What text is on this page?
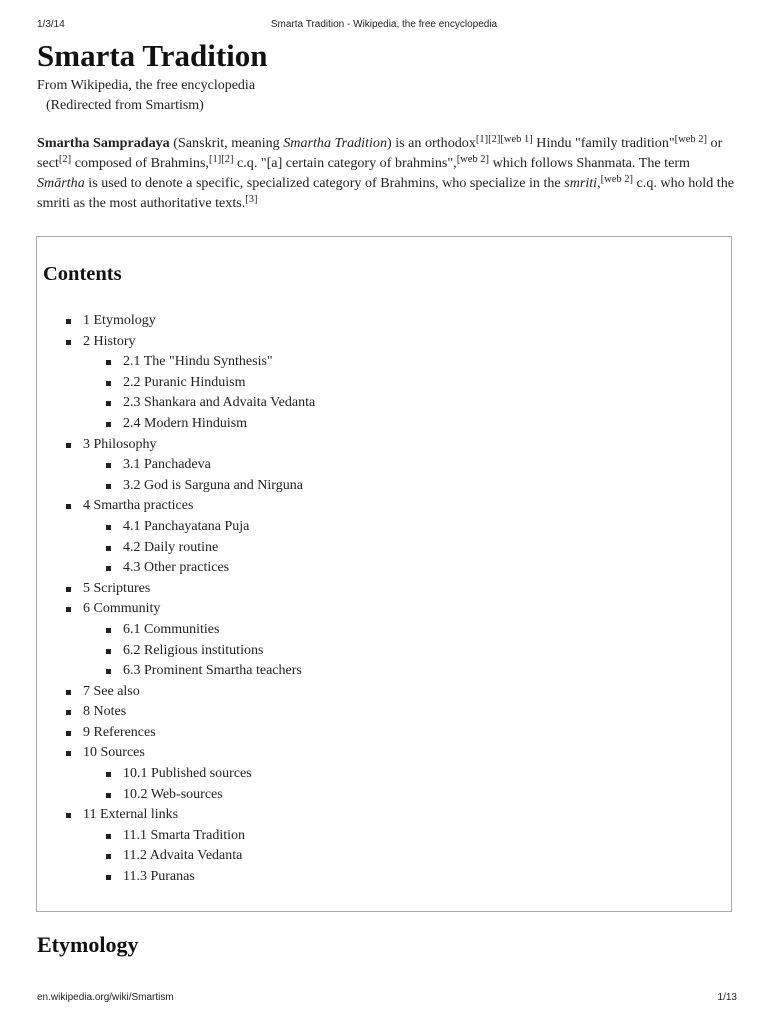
1/3/14	Smarta Tradition - Wikipedia, the free encyclopedia
Smarta Tradition
From Wikipedia, the free encyclopedia
(Redirected from Smartism)

Smartha Sampradaya (Sanskrit, meaning Smartha Tradition) is an orthodox[1][2][web 1] Hindu "family tradition"[web 2] or sect[2] composed of Brahmins,[1][2] c.q. "[a] certain category of brahmins",[web 2] which follows Shanmata. The term Smārtha is used to denote a specific, specialized category of Brahmins, who specialize in the smriti,[web 2] c.q. who hold the smriti as the most authoritative texts.[3]

Contents
1 Etymology
2 History
2.1 The "Hindu Synthesis"
2.2 Puranic Hinduism
2.3 Shankara and Advaita Vedanta
2.4 Modern Hinduism
3 Philosophy
3.1 Panchadeva
3.2 God is Sarguna and Nirguna
4 Smartha practices
4.1 Panchayatana Puja
4.2 Daily routine
4.3 Other practices
5 Scriptures
6 Community
6.1 Communities
6.2 Religious institutions
6.3 Prominent Smartha teachers
7 See also
8 Notes
9 References
10 Sources
10.1 Published sources
10.2 Web-sources
11 External links
11.1 Smarta Tradition
11.2 Advaita Vedanta
11.3 Puranas
Etymology
en.wikipedia.org/wiki/Smartism	1/13
